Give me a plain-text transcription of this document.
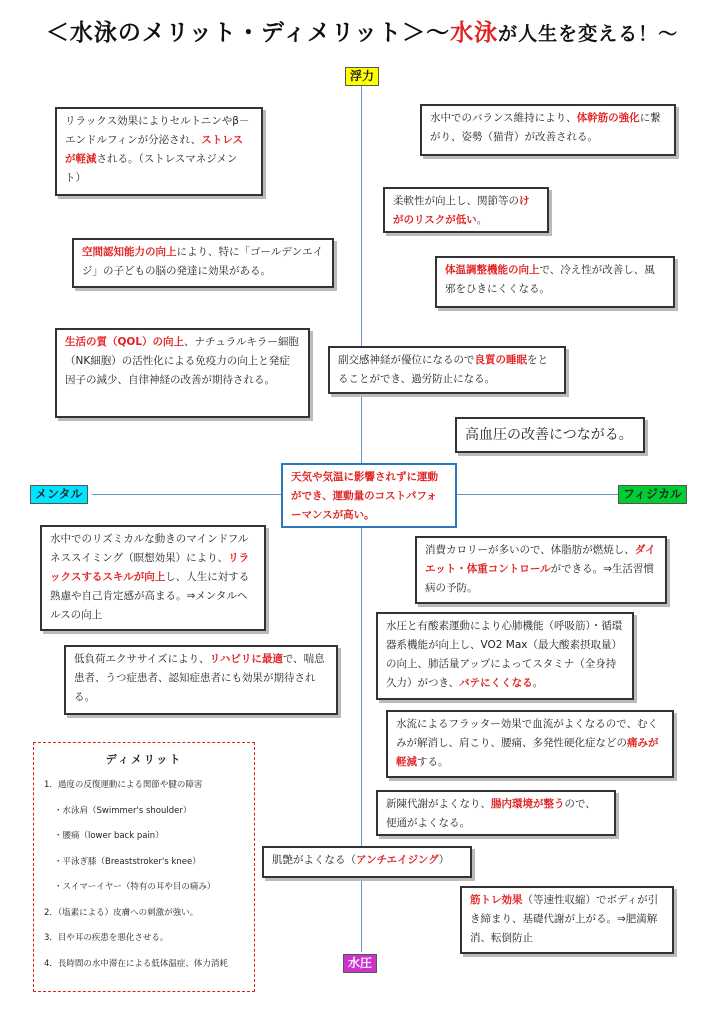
＜水泳のメリット・ディメリット＞～水泳が人生を変える！～
浮力
水圧
メンタル	フィジカル
天気や気温に影響されずに運動ができ、運動量のコストパフォーマンスが高い。
リラックス効果によりセルトニンやβ－エンドルフィンが分泌され、ストレスが軽減される。（ストレスマネジメント）
空間認知能力の向上により、特に「ゴールデンエイジ」の子どもの脳の発達に効果がある。
生活の質（QOL）の向上、ナチュラルキラー細胞（NK細胞）の活性化による免疫力の向上と発症因子の減少、自律神経の改善が期待される。
水中でのリズミカルな動きのマインドフルネススイミング（瞑想効果）により、リラックスするスキルが向上し、人生に対する熟慮や自己肯定感が高まる。⇒メンタルヘルスの向上
低負荷エクササイズにより、リハビリに最適で、喘息患者、うつ症患者、認知症患者にも効果が期待される。
水中でのバランス維持により、体幹筋の強化に繋がり、姿勢（猫背）が改善される。
柔軟性が向上し、関節等のけがのリスクが低い。
体温調整機能の向上で、冷え性が改善し、風邪をひきにくくなる。
副交感神経が優位になるので良質の睡眠をとることができ、過労防止になる。
高血圧の改善につながる。
消費カロリーが多いので、体脂肪が燃焼し、ダイエット・体重コントロールができる。⇒生活習慣病の予防。
水圧と有酸素運動により心肺機能（呼吸筋）・循環器系機能が向上し、VO2 Max（最大酸素摂取量）の向上、肺活量アップによってスタミナ（全身持久力）がつき、バテにくくなる。
水流によるフラッター効果で血流がよくなるので、むくみが解消し、肩こり、腰痛、多発性硬化症などの痛みが軽減する。
新陳代謝がよくなり、腸内環境が整うので、便通がよくなる。
肌艶がよくなる（アンチエイジング）
筋トレ効果（等速性収縮）でボディが引き締まり、基礎代謝が上がる。⇒肥満解消、転倒防止
ディメリット
1．過度の反復運動による関節や腱の障害
・水泳肩（Swimmer's shoulder）
・腰痛（lower back pain）
・平泳ぎ膝（Breaststroker's knee）
・スイマーイヤー（特有の耳や目の痛み）
2．（塩素による）皮膚への刺激が強い。
3．目や耳の疾患を悪化させる。
4．長時間の水中滞在による低体温症、体力消耗
